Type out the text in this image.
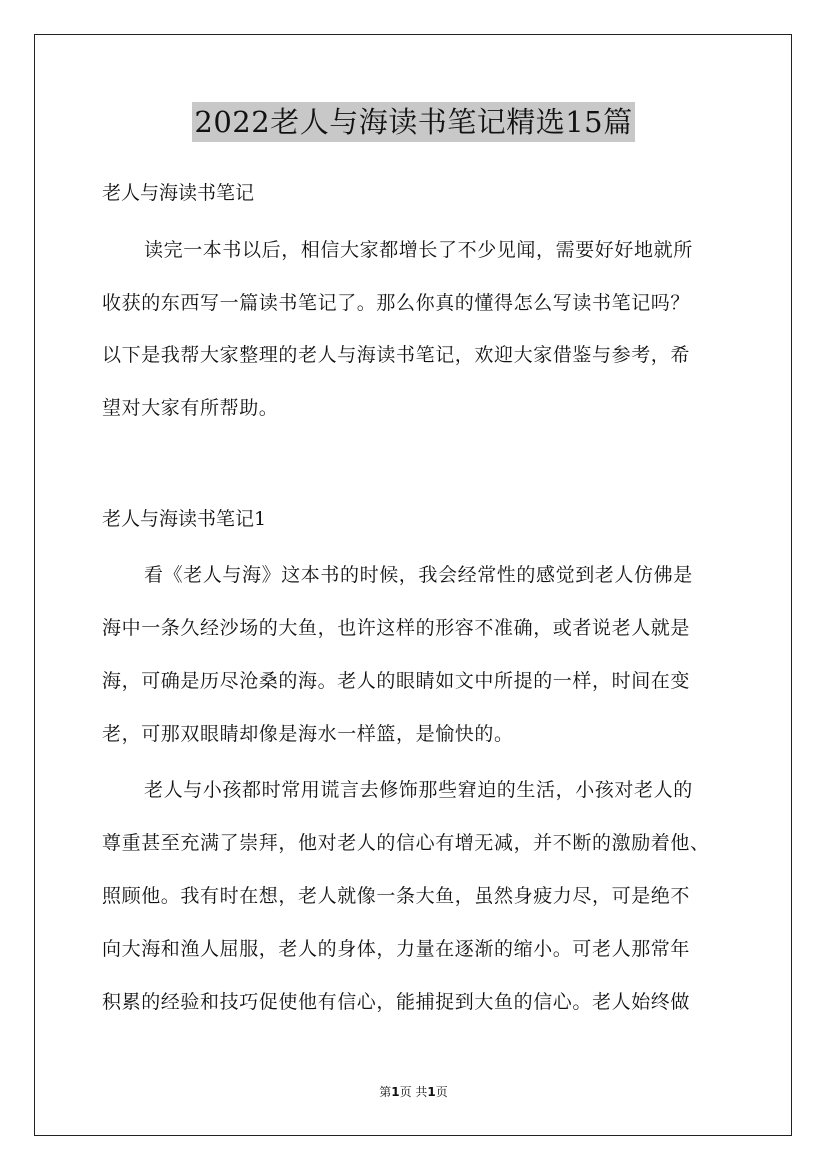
2022老人与海读书笔记精选15篇
老人与海读书笔记
读完一本书以后，相信大家都增长了不少见闻，需要好好地就所
收获的东西写一篇读书笔记了。那么你真的懂得怎么写读书笔记吗？
以下是我帮大家整理的老人与海读书笔记，欢迎大家借鉴与参考，希
望对大家有所帮助。
老人与海读书笔记1
看《老人与海》这本书的时候，我会经常性的感觉到老人仿佛是
海中一条久经沙场的大鱼，也许这样的形容不准确，或者说老人就是
海，可确是历尽沧桑的海。老人的眼睛如文中所提的一样，时间在变
老，可那双眼睛却像是海水一样篮，是愉快的。
老人与小孩都时常用谎言去修饰那些窘迫的生活，小孩对老人的
尊重甚至充满了崇拜，他对老人的信心有增无减，并不断的激励着他、
照顾他。我有时在想，老人就像一条大鱼，虽然身疲力尽，可是绝不
向大海和渔人屈服，老人的身体，力量在逐渐的缩小。可老人那常年
积累的经验和技巧促使他有信心，能捕捉到大鱼的信心。老人始终做
第1页 共1页
